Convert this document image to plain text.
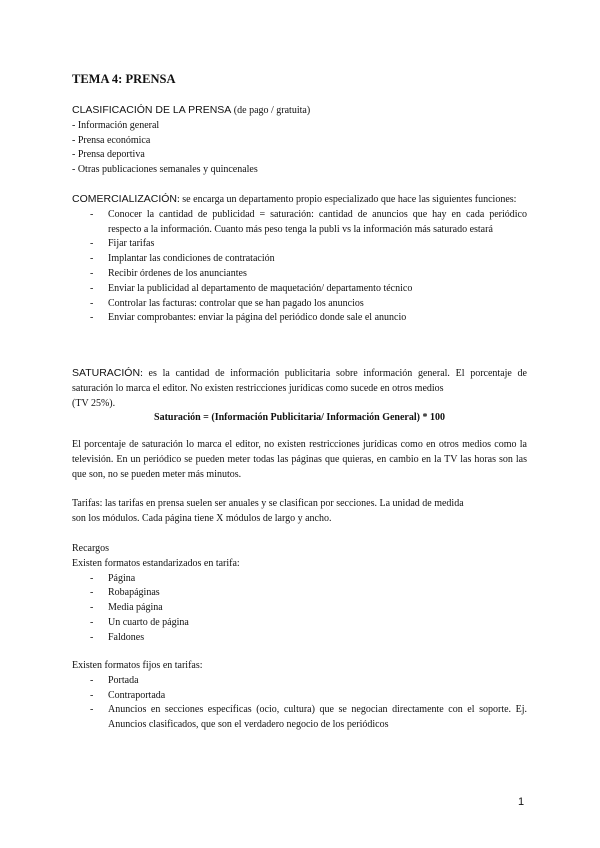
TEMA 4: PRENSA

CLASIFICACIÓN DE LA PRENSA (de pago / gratuita)

- Información general

- Prensa económica

- Prensa deportiva

- Otras publicaciones semanales y quincenales

COMERCIALIZACIÓN: se encarga un departamento propio especializado que hace las siguientes funciones:

- Conocer la cantidad de publicidad = saturación: cantidad de anuncios que hay en cada periódico respecto a la información. Cuanto más peso tenga la publi vs la información más saturado estará
- Fijar tarifas
- Implantar las condiciones de contratación
- Recibir órdenes de los anunciantes
- Enviar la publicidad al departamento de maquetación/ departamento técnico
- Controlar las facturas: controlar que se han pagado los anuncios
- Enviar comprobantes: enviar la página del periódico donde sale el anuncio

SATURACIÓN: es la cantidad de información publicitaria sobre información general. El porcentaje de saturación lo marca el editor. No existen restricciones jurídicas como sucede en otros medios

(TV 25%).

Saturación = (Información Publicitaria/ Información General) * 100

El porcentaje de saturación lo marca el editor, no existen restricciones jurídicas como en otros medios como la televisión. En un periódico se pueden meter todas las páginas que quieras, en cambio en la TV las horas son las que son, no se pueden meter más minutos.

Tarifas: las tarifas en prensa suelen ser anuales y se clasifican por secciones. La unidad de medida

son los módulos. Cada página tiene X módulos de largo y ancho.

Recargos

Existen formatos estandarizados en tarifa:

- Página
- Robapáginas
- Media página
- Un cuarto de página
- Faldones

Existen formatos fijos en tarifas:

- Portada
- Contraportada
- Anuncios en secciones específicas (ocio, cultura) que se negocian directamente con el soporte. Ej. Anuncios clasificados, que son el verdadero negocio de los periódicos
1
